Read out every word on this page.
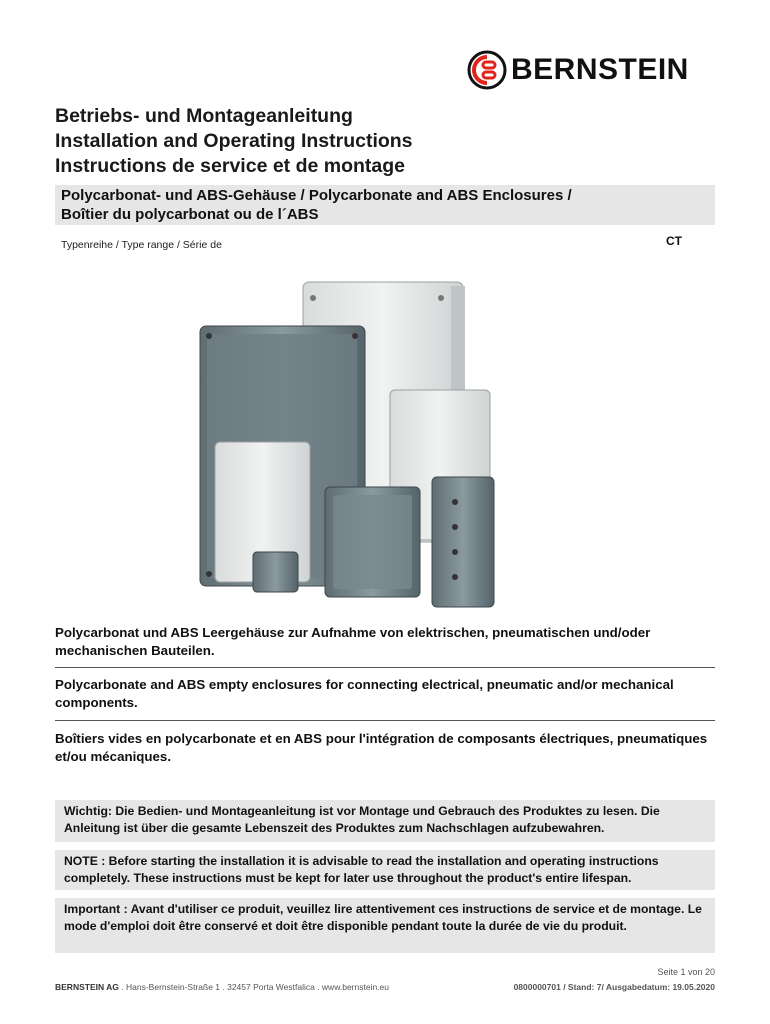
BERNSTEIN
Betriebs- und Montageanleitung
Installation and Operating Instructions
Instructions de service et de montage
Polycarbonat- und ABS-Gehäuse / Polycarbonate and ABS Enclosures /
Boîtier du polycarbonat ou de l´ABS
Typenreihe / Type range / Série de	CT
Polycarbonat und ABS Leergehäuse zur Aufnahme von elektrischen, pneumatischen und/oder mechanischen Bauteilen.
Polycarbonate and ABS empty enclosures for connecting electrical, pneumatic and/or mechanical components.
Boîtiers vides en polycarbonate et en ABS pour l'intégration de composants électriques, pneumatiques et/ou mécaniques.
Wichtig: Die Bedien- und Montageanleitung ist vor Montage und Gebrauch des Produktes zu lesen. Die Anleitung ist über die gesamte Lebenszeit des Produktes zum Nachschlagen aufzubewahren.
NOTE : Before starting the installation it is advisable to read the installation and operating instructions completely. These instructions must be kept for later use throughout the product's entire lifespan.
Important : Avant d'utiliser ce produit, veuillez lire attentivement ces instructions de service et de montage. Le mode d'emploi doit être conservé et doit être disponible pendant toute la durée de vie du produit.
Seite 1 von 20
BERNSTEIN AG . Hans-Bernstein-Straße 1 . 32457 Porta Westfalica . www.bernstein.eu	0800000701 / Stand: 7/ Ausgabedatum: 19.05.2020
